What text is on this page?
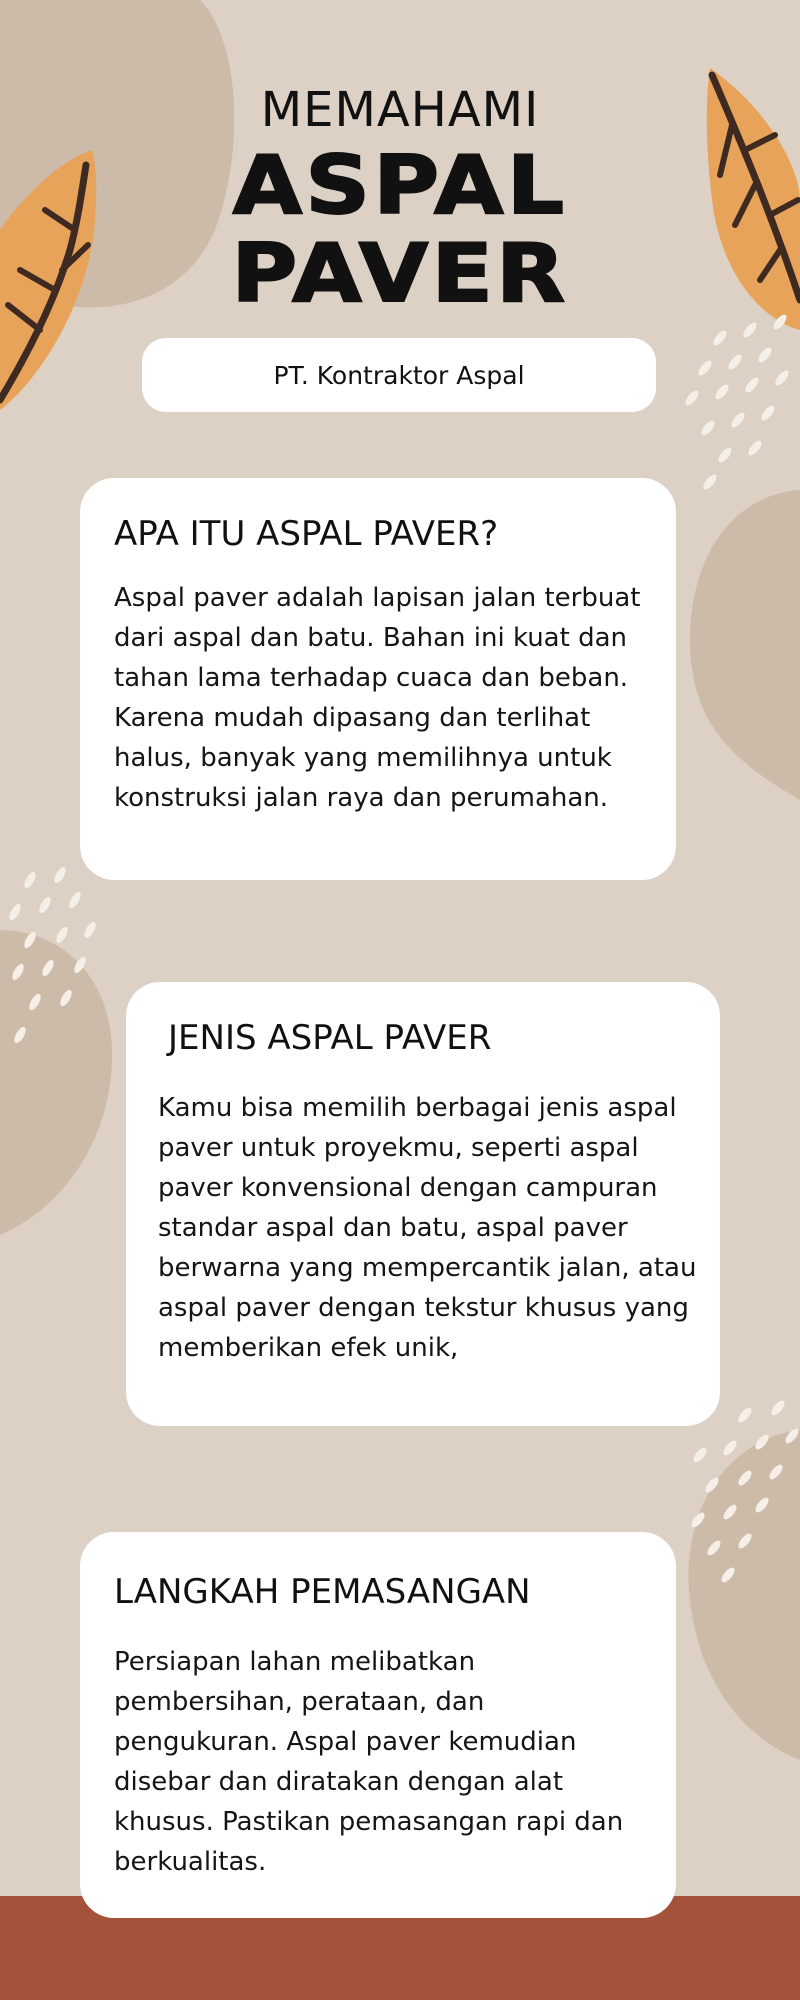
MEMAHAMI
ASPAL
PAVER
PT. Kontraktor Aspal
APA ITU ASPAL PAVER?

Aspal paver adalah lapisan jalan terbuat dari aspal dan batu. Bahan ini kuat dan tahan lama terhadap cuaca dan beban. Karena mudah dipasang dan terlihat halus, banyak yang memilihnya untuk konstruksi jalan raya dan perumahan.

JENIS ASPAL PAVER

Kamu bisa memilih berbagai jenis aspal paver untuk proyekmu, seperti aspal paver konvensional dengan campuran standar aspal dan batu, aspal paver berwarna yang mempercantik jalan, atau aspal paver dengan tekstur khusus yang memberikan efek unik,

LANGKAH PEMASANGAN

Persiapan lahan melibatkan pembersihan, perataan, dan pengukuran. Aspal paver kemudian disebar dan diratakan dengan alat khusus. Pastikan pemasangan rapi dan berkualitas.
